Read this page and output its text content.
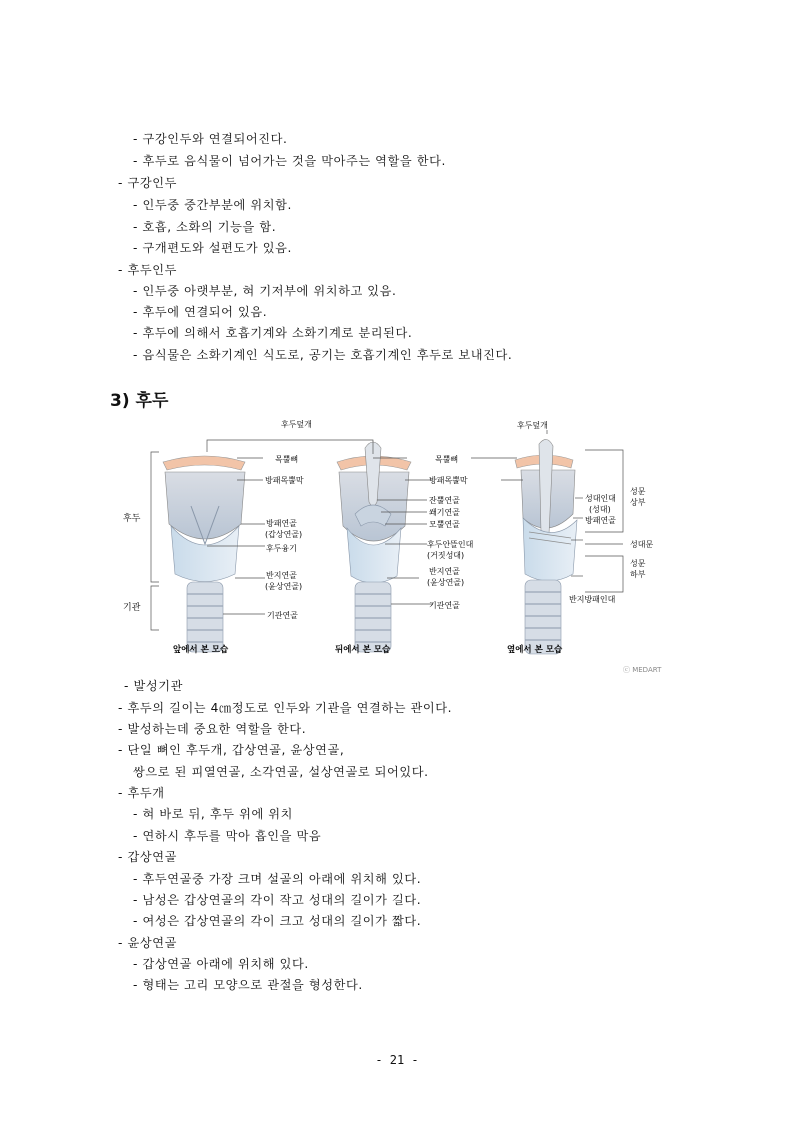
- 구강인두와 연결되어진다.
- 후두로 음식물이 넘어가는 것을 막아주는 역할을 한다.
- 구강인두
- 인두중 중간부분에 위치함.
- 호흡, 소화의 기능을 함.
- 구개편도와 설편도가 있음.
- 후두인두
- 인두중 아랫부분, 혀 기저부에 위치하고 있음.
- 후두에 연결되어 있음.
- 후두에 의해서 호흡기계와 소화기계로 분리된다.
- 음식물은 소화기계인 식도로, 공기는 호흡기계인 후두로 보내진다.
3) 후두
후두덮개
목뿔뼈
방패목뿔막
방패연골
(갑상연골)
후두융기
반지연골
(윤상연골)
기관연골
후두
기관
잔뿔연골
쐐기연골
모뿔연골
후두안뜰인대
(거짓성대)
반지연골
(윤상연골)
기관연골
후두덮개
목뿔뼈
방패목뿔막
성대인대
(성대)
방패연골
성문
상부
성대문
성문
하부
반지방패인대
앞에서 본 모습	뒤에서 본 모습	옆에서 본 모습
ⓒ MEDART
- 발성기관
- 후두의 길이는 4㎝정도로 인두와 기관을 연결하는 관이다.
- 발성하는데 중요한 역할을 한다.
- 단일 뼈인 후두개, 갑상연골, 윤상연골,
쌍으로 된 피열연골, 소각연골, 설상연골로 되어있다.
- 후두개
- 혀 바로 뒤, 후두 위에 위치
- 연하시 후두를 막아 흡인을 막음
- 갑상연골
- 후두연골중 가장 크며 설골의 아래에 위치해 있다.
- 남성은 갑상연골의 각이 작고 성대의 길이가 길다.
- 여성은 갑상연골의 각이 크고 성대의 길이가 짧다.
- 윤상연골
- 갑상연골 아래에 위치해 있다.
- 형태는 고리 모양으로 관절을 형성한다.
- 21 -
